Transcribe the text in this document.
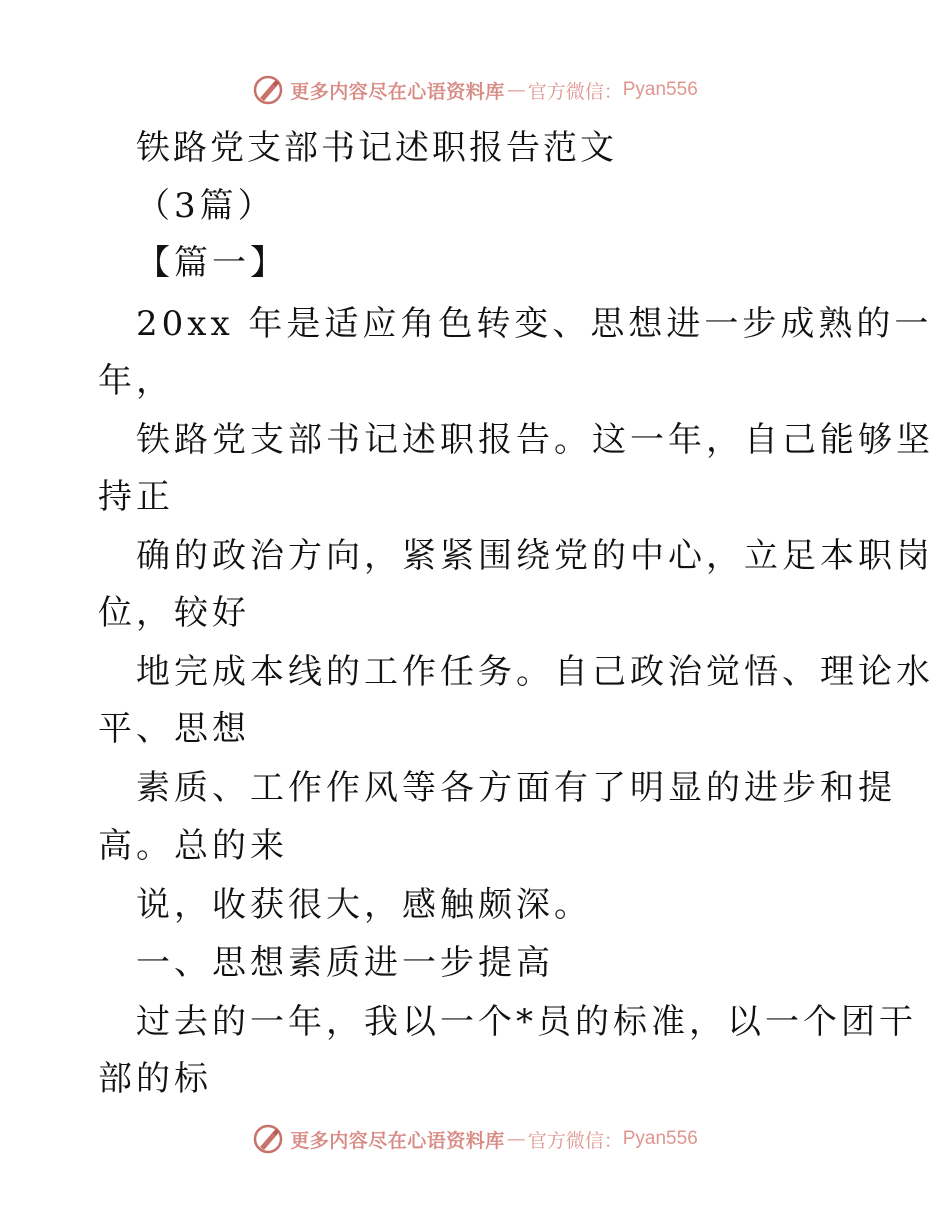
更多内容尽在心语资料库 — 官方微信： Pyan556
铁路党支部书记述职报告范文
（3篇）
【篇一】
20xx 年是适应角色转变、思想进一步成熟的一
年，
铁路党支部书记述职报告。这一年，自己能够坚
持正
确的政治方向，紧紧围绕党的中心，立足本职岗
位，较好
地完成本线的工作任务。自己政治觉悟、理论水
平、思想
素质、工作作风等各方面有了明显的进步和提
高。总的来
说，收获很大，感触颇深。
一、思想素质进一步提高
过去的一年，我以一个*员的标准，以一个团干
部的标
更多内容尽在心语资料库 — 官方微信： Pyan556
